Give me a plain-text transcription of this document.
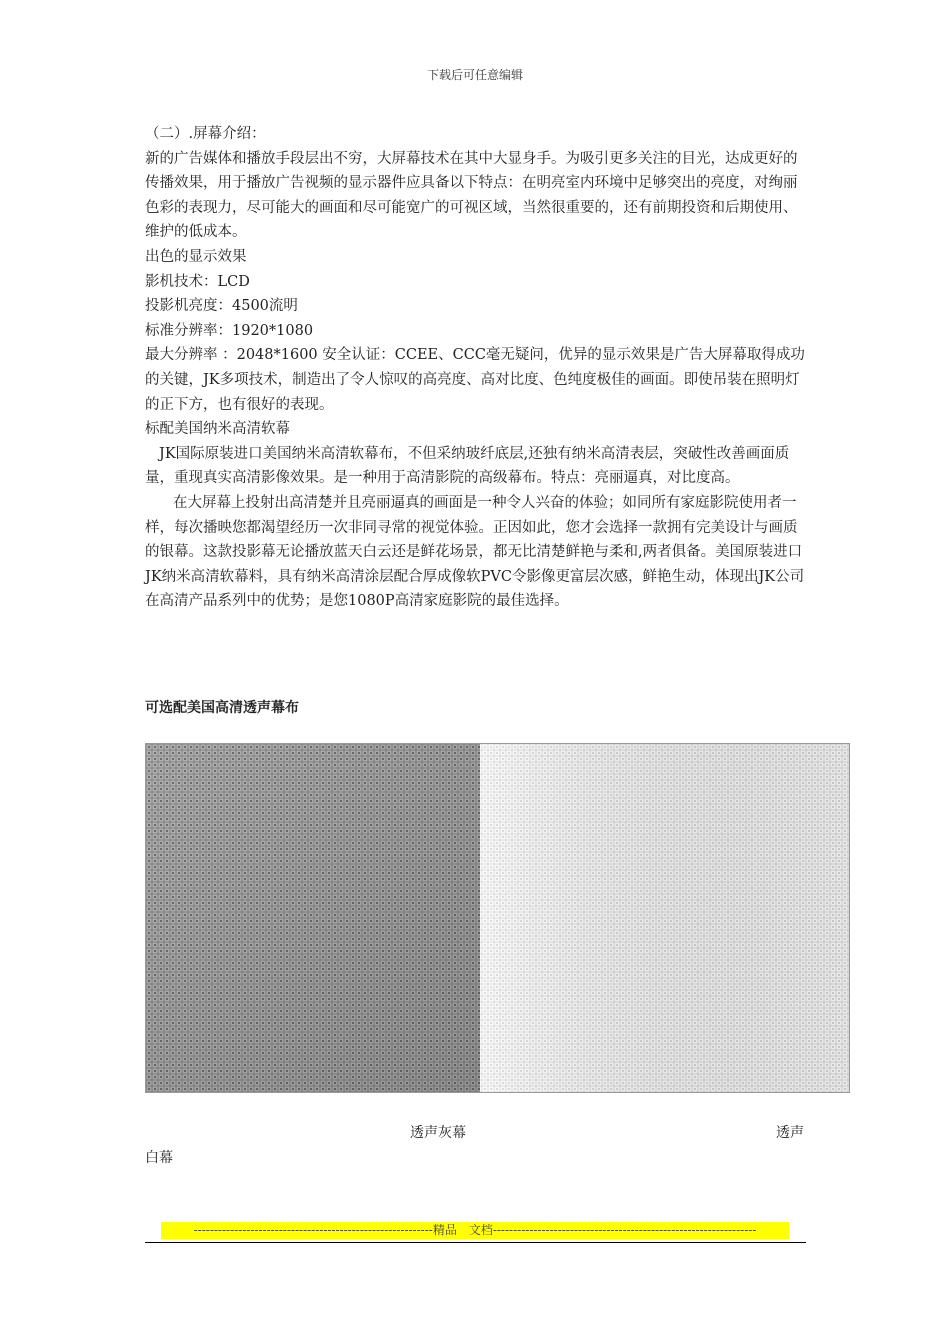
下载后可任意编辑

（二）.屏幕介绍：

新的广告媒体和播放手段层出不穷，大屏幕技术在其中大显身手。为吸引更多关注的目光，达成更好的传播效果，用于播放广告视频的显示器件应具备以下特点：在明亮室内环境中足够突出的亮度，对绚丽色彩的表现力，尽可能大的画面和尽可能宽广的可视区域，当然很重要的，还有前期投资和后期使用、维护的低成本。

出色的显示效果

影机技术：LCD

投影机亮度：4500流明

标准分辨率：1920*1080

最大分辨率 ：2048*1600 安全认证：CCEE、CCC毫无疑问，优异的显示效果是广告大屏幕取得成功的关键，JK多项技术，制造出了令人惊叹的高亮度、高对比度、色纯度极佳的画面。即使吊装在照明灯的正下方，也有很好的表现。

标配美国纳米高清软幕

JK国际原装进口美国纳米高清软幕布，不但采纳玻纤底层,还独有纳米高清表层，突破性改善画面质量，重现真实高清影像效果。是一种用于高清影院的高级幕布。特点：亮丽逼真，对比度高。

在大屏幕上投射出高清楚并且亮丽逼真的画面是一种令人兴奋的体验；如同所有家庭影院使用者一样，每次播映您都渴望经历一次非同寻常的视觉体验。正因如此，您才会选择一款拥有完美设计与画质的银幕。这款投影幕无论播放蓝天白云还是鲜花场景，都无比清楚鲜艳与柔和,两者俱备。美国原装进口JK纳米高清软幕料，具有纳米高清涂层配合厚成像软PVC令影像更富层次感，鲜艳生动，体现出JK公司在高清产品系列中的优势；是您1080P高清家庭影院的最佳选择。

可选配美国高清透声幕布
透声灰幕	透声
白幕
-----------------------------------------------------------精品　文档-----------------------------------------------------------------
